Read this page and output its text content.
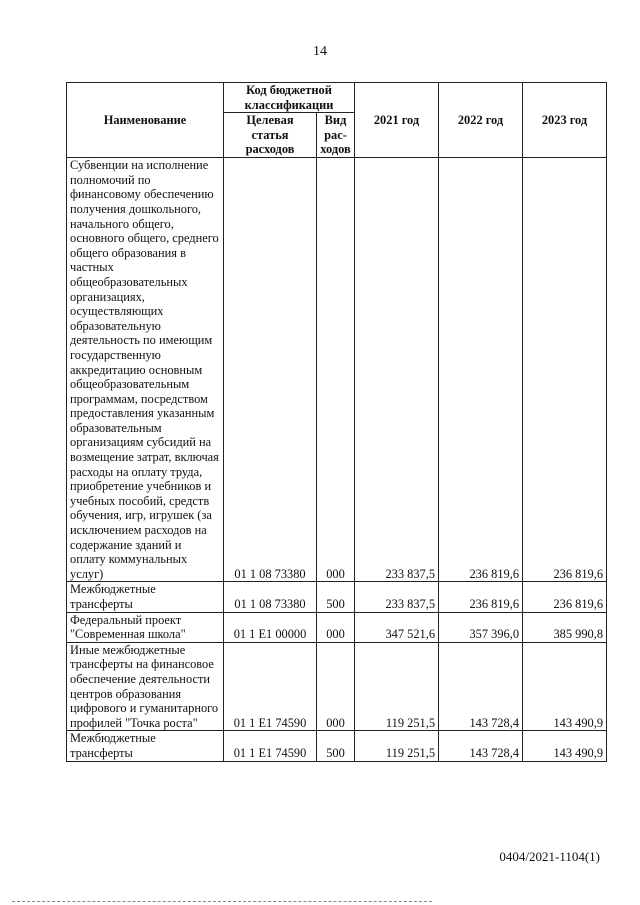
14
Наименование	Код бюджетной классификации		2021 год	2022 год	2023 год
	Целевая статья расходов	Вид рас-ходов			
Субвенции на исполнение полномочий по финансовому обеспечению получения дошкольного, начального общего, основного общего, среднего общего образования в частных общеобразовательных организациях, осуществляющих образовательную деятельность по имеющим государственную аккредитацию основным общеобразовательным программам, посредством предоставления указанным образовательным организациям субсидий на возмещение затрат, включая расходы на оплату труда, приобретение учебников и учебных пособий, средств обучения, игр, игрушек (за исключением расходов на содержание зданий и оплату коммунальных услуг)	01 1 08 73380	000	233 837,5	236 819,6	236 819,6
Межбюджетные трансферты	01 1 08 73380	500	233 837,5	236 819,6	236 819,6
Федеральный проект "Современная школа"	01 1 E1 00000	000	347 521,6	357 396,0	385 990,8
Иные межбюджетные трансферты на финансовое обеспечение деятельности центров образования цифрового и гуманитарного профилей "Точка роста"	01 1 E1 74590	000	119 251,5	143 728,4	143 490,9
Межбюджетные трансферты	01 1 E1 74590	500	119 251,5	143 728,4	143 490,9
0404/2021-1104(1)
